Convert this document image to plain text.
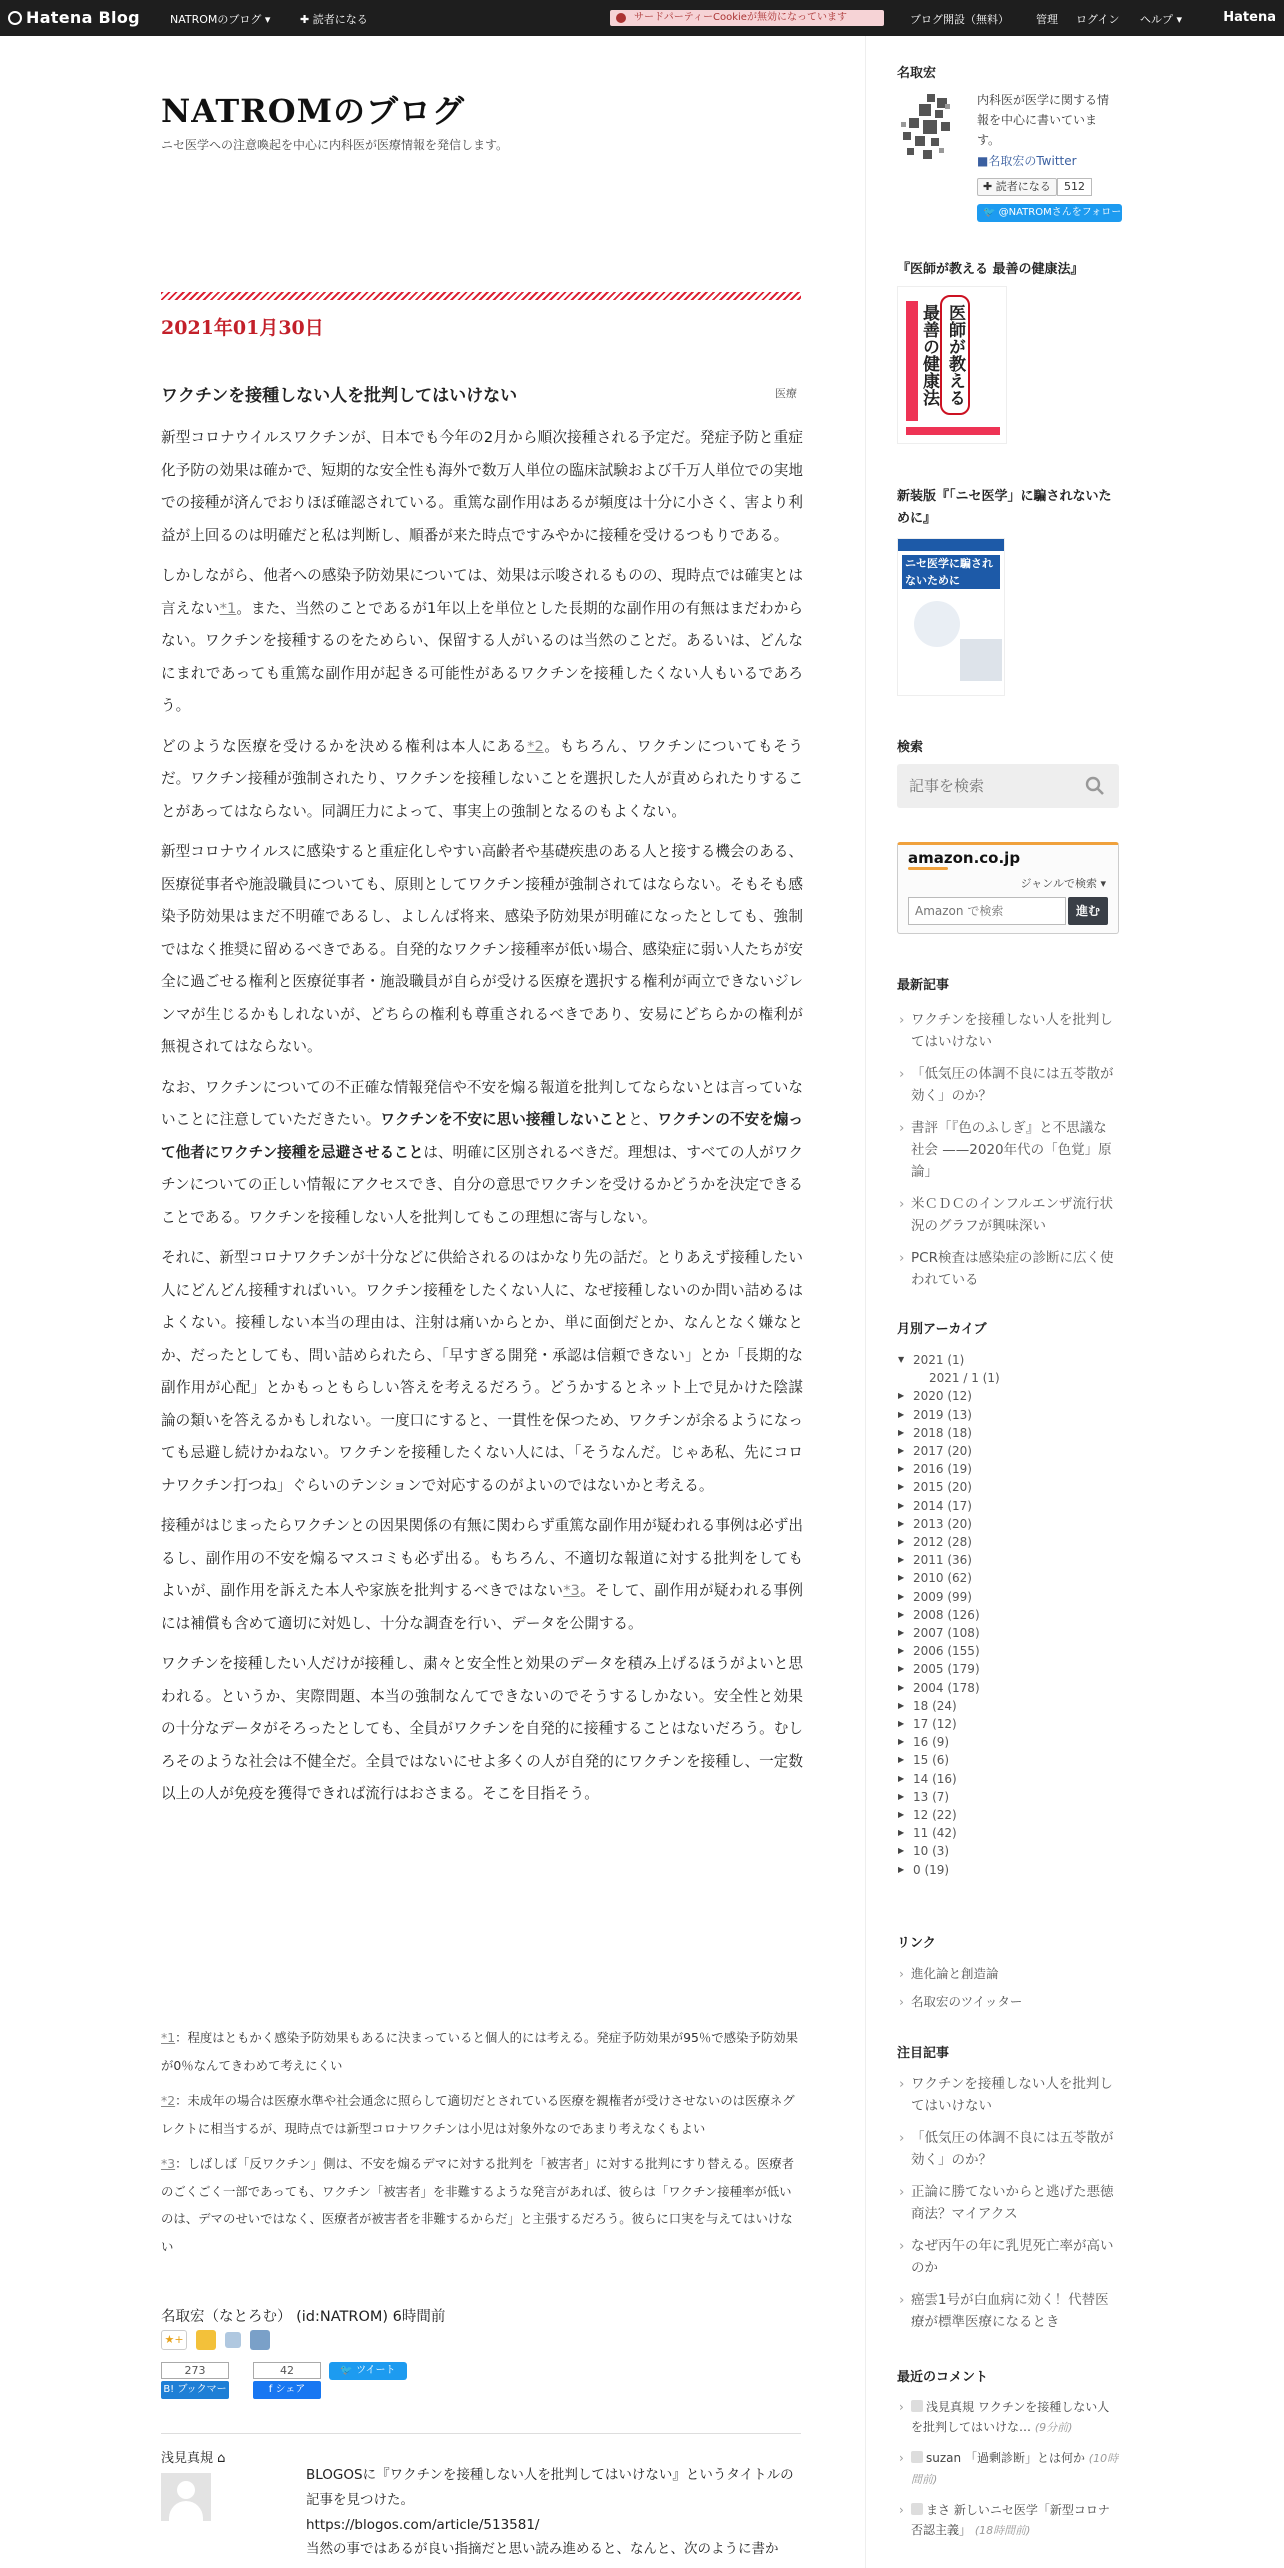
Hatena Blog	NATROMのブログ ▾	✚ 読者になる	サードパーティーCookieが無効になっています	ブログ開設（無料） 管理 ログイン ヘルプ ▾	Hatena
NATROMのブログ
ニセ医学への注意喚起を中心に内科医が医療情報を発信します。
2021年01月30日
ワクチンを接種しない人を批判してはいけない	医療

新型コロナウイルスワクチンが、日本でも今年の2月から順次接種される予定だ。発症予防と重症化予防の効果は確かで、短期的な安全性も海外で数万人単位の臨床試験および千万人単位での実地での接種が済んでおりほぼ確認されている。重篤な副作用はあるが頻度は十分に小さく、害より利益が上回るのは明確だと私は判断し、順番が来た時点ですみやかに接種を受けるつもりである。

しかしながら、他者への感染予防効果については、効果は示唆されるものの、現時点では確実とは言えない*1。また、当然のことであるが1年以上を単位とした長期的な副作用の有無はまだわからない。ワクチンを接種するのをためらい、保留する人がいるのは当然のことだ。あるいは、どんなにまれであっても重篤な副作用が起きる可能性があるワクチンを接種したくない人もいるであろう。

どのような医療を受けるかを決める権利は本人にある*2。もちろん、ワクチンについてもそうだ。ワクチン接種が強制されたり、ワクチンを接種しないことを選択した人が責められたりすることがあってはならない。同調圧力によって、事実上の強制となるのもよくない。

新型コロナウイルスに感染すると重症化しやすい高齢者や基礎疾患のある人と接する機会のある、医療従事者や施設職員についても、原則としてワクチン接種が強制されてはならない。そもそも感染予防効果はまだ不明確であるし、よしんば将来、感染予防効果が明確になったとしても、強制ではなく推奨に留めるべきである。自発的なワクチン接種率が低い場合、感染症に弱い人たちが安全に過ごせる権利と医療従事者・施設職員が自らが受ける医療を選択する権利が両立できないジレンマが生じるかもしれないが、どちらの権利も尊重されるべきであり、安易にどちらかの権利が無視されてはならない。

なお、ワクチンについての不正確な情報発信や不安を煽る報道を批判してならないとは言っていないことに注意していただきたい。ワクチンを不安に思い接種しないことと、ワクチンの不安を煽って他者にワクチン接種を忌避させることは、明確に区別されるべきだ。理想は、すべての人がワクチンについての正しい情報にアクセスでき、自分の意思でワクチンを受けるかどうかを決定できることである。ワクチンを接種しない人を批判してもこの理想に寄与しない。

それに、新型コロナワクチンが十分などに供給されるのはかなり先の話だ。とりあえず接種したい人にどんどん接種すればいい。ワクチン接種をしたくない人に、なぜ接種しないのか問い詰めるはよくない。接種しない本当の理由は、注射は痛いからとか、単に面倒だとか、なんとなく嫌なとか、だったとしても、問い詰められたら、「早すぎる開発・承認は信頼できない」とか「長期的な副作用が心配」とかもっともらしい答えを考えるだろう。どうかするとネット上で見かけた陰謀論の類いを答えるかもしれない。一度口にすると、一貫性を保つため、ワクチンが余るようになっても忌避し続けかねない。ワクチンを接種したくない人には、「そうなんだ。じゃあ私、先にコロナワクチン打つね」ぐらいのテンションで対応するのがよいのではないかと考える。

接種がはじまったらワクチンとの因果関係の有無に関わらず重篤な副作用が疑われる事例は必ず出るし、副作用の不安を煽るマスコミも必ず出る。もちろん、不適切な報道に対する批判をしてもよいが、副作用を訴えた本人や家族を批判するべきではない*3。そして、副作用が疑われる事例には補償も含めて適切に対処し、十分な調査を行い、データを公開する。

ワクチンを接種したい人だけが接種し、粛々と安全性と効果のデータを積み上げるほうがよいと思われる。というか、実際問題、本当の強制なんてできないのでそうするしかない。安全性と効果の十分なデータがそろったとしても、全員がワクチンを自発的に接種することはないだろう。むしろそのような社会は不健全だ。全員ではないにせよ多くの人が自発的にワクチンを接種し、一定数以上の人が免疫を獲得できれば流行はおさまる。そこを目指そう。

*1：程度はともかく感染予防効果もあるに決まっていると個人的には考える。発症予防効果が95％で感染予防効果が0％なんてきわめて考えにくい

*2：未成年の場合は医療水準や社会通念に照らして適切だとされている医療を親権者が受けさせないのは医療ネグレクトに相当するが、現時点では新型コロナワクチンは小児は対象外なのであまり考えなくもよい

*3：しばしば「反ワクチン」側は、不安を煽るデマに対する批判を「被害者」に対する批判にすり替える。医療者のごくごく一部であっても、ワクチン「被害者」を非難するような発言があれば、彼らは「ワクチン接種率が低いのは、デマのせいではなく、医療者が被害者を非難するからだ」と主張するだろう。彼らに口実を与えてはいけない

名取宏（なとろむ） (id:NATROM) 6時間前
★+
273
B! ブックマーク
42
f シェア
🐦 ツイート
浅見真規 ⌂
BLOGOSに『ワクチンを接種しない人を批判してはいけない』というタイトルの記事を見つけた。
https://blogos.com/article/513581/
当然の事ではあるが良い指摘だと思い読み進めると、なんと、次のように書か
名取宏
内科医が医学に関する情報を中心に書いています。
■名取宏のTwitter
✚ 読者になる	512
🐦 @NATROMさんをフォロー
『医師が教える 最善の健康法』
医師が教える最善の健康法
新装版『「ニセ医学」に騙されないために』
ニセ医学に騙されないために
検索
記事を検索
amazon.co.jp
ジャンルで検索 ▾
Amazon で検索
進む
最新記事
› ワクチンを接種しない人を批判してはいけない
› 「低気圧の体調不良には五苓散が効く」のか？
› 書評「『色のふしぎ』と不思議な社会 ——2020年代の「色覚」原論」
› 米ＣＤＣのインフルエンザ流行状況のグラフが興味深い
› PCR検査は感染症の診断に広く使われている
月別アーカイブ
▼ 2021 (1)
2021 / 1 (1)
▶ 2020 (12)
▶ 2019 (13)
▶ 2018 (18)
▶ 2017 (20)
▶ 2016 (19)
▶ 2015 (20)
▶ 2014 (17)
▶ 2013 (20)
▶ 2012 (28)
▶ 2011 (36)
▶ 2010 (62)
▶ 2009 (99)
▶ 2008 (126)
▶ 2007 (108)
▶ 2006 (155)
▶ 2005 (179)
▶ 2004 (178)
▶ 18 (24)
▶ 17 (12)
▶ 16 (9)
▶ 15 (6)
▶ 14 (16)
▶ 13 (7)
▶ 12 (22)
▶ 11 (42)
▶ 10 (3)
▶ 0 (19)
リンク
› 進化論と創造論
› 名取宏のツイッター
注目記事
› ワクチンを接種しない人を批判してはいけない
› 「低気圧の体調不良には五苓散が効く」のか？
› 正論に勝てないからと逃げた悪徳商法？マイアクス
› なぜ丙午の年に乳児死亡率が高いのか
› 癌雲1号が白血病に効く！代替医療が標準医療になるとき
最近のコメント
› 浅見真規 ワクチンを接種しない人を批判してはいけな… (9分前)
› suzan 「過剰診断」とは何か (10時間前)
› まさ 新しいニセ医学「新型コロナ否認主義」 (18時間前)
